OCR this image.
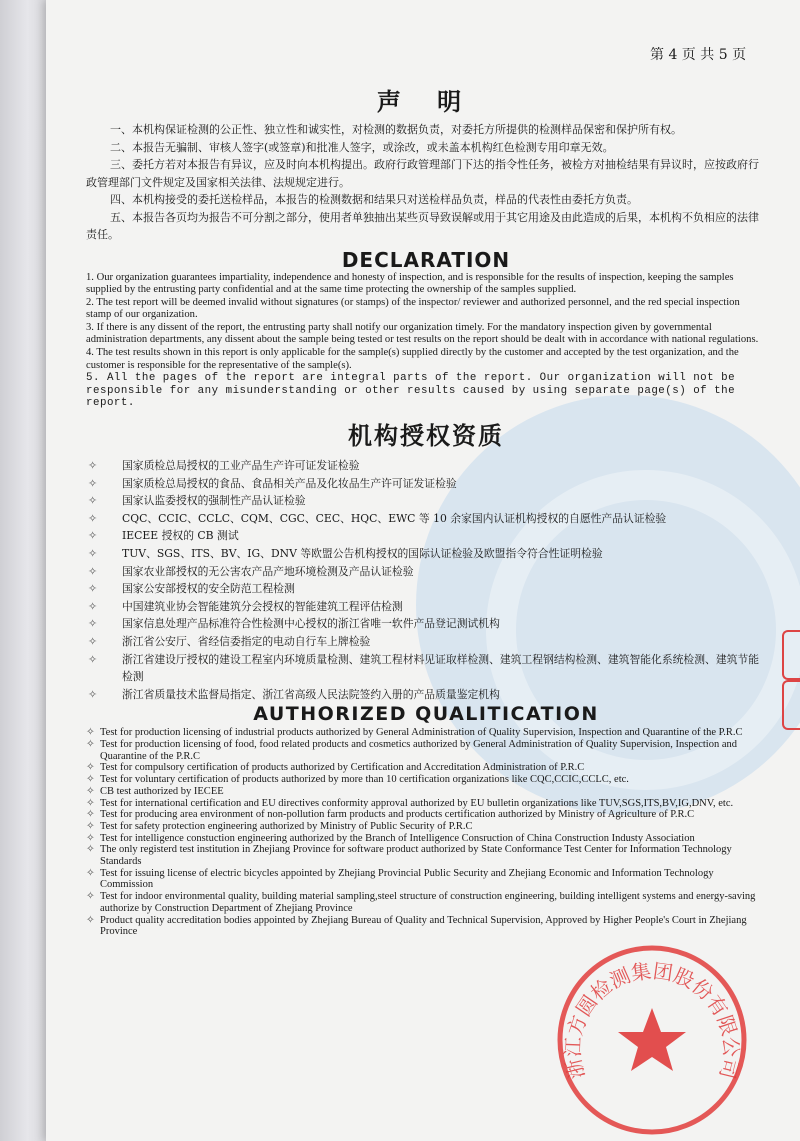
第 4 页 共 5 页
声 明

一、本机构保证检测的公正性、独立性和诚实性，对检测的数据负责，对委托方所提供的检测样品保密和保护所有权。

二、本报告无骗制、审核人签字(或签章)和批准人签字，或涂改，或未盖本机构红色检测专用印章无效。

三、委托方若对本报告有异议，应及时向本机构提出。政府行政管理部门下达的指令性任务，被检方对抽检结果有异议时，应按政府行政管理部门文件规定及国家相关法律、法规规定进行。

四、本机构接受的委托送检样品，本报告的检测数据和结果只对送检样品负责，样品的代表性由委托方负责。

五、本报告各页均为报告不可分割之部分，使用者单独抽出某些页导致误解或用于其它用途及由此造成的后果，本机构不负相应的法律责任。

DECLARATION

1. Our organization guarantees impartiality, independence and honesty of inspection, and is responsible for the results of inspection, keeping the samples supplied by the entrusting party confidential and at the same time protecting the ownership of the samples supplied.

2. The test report will be deemed invalid without signatures (or stamps) of the inspector/ reviewer and authorized personnel, and the red special inspection stamp of our organization.

3. If there is any dissent of the report, the entrusting party shall notify our organization timely. For the mandatory inspection given by governmental administration departments, any dissent about the sample being tested or test results on the report should be dealt with in accordance with national regulations.

4. The test results shown in this report is only applicable for the sample(s) supplied directly by the customer and accepted by the test organization, and the customer is responsible for the representative of the sample(s).

5. All the pages of the report are integral parts of the report. Our organization will not be responsible for any misunderstanding or other results caused by using separate page(s) of the report.

机构授权资质
✧ 国家质检总局授权的工业产品生产许可证发证检验
✧ 国家质检总局授权的食品、食品相关产品及化妆品生产许可证发证检验
✧ 国家认监委授权的强制性产品认证检验
✧ CQC、CCIC、CCLC、CQM、CGC、CEC、HQC、EWC 等 10 余家国内认证机构授权的自愿性产品认证检验
✧ IECEE 授权的 CB 测试
✧ TUV、SGS、ITS、BV、IG、DNV 等欧盟公告机构授权的国际认证检验及欧盟指令符合性证明检验
✧ 国家农业部授权的无公害农产品产地环境检测及产品认证检验
✧ 国家公安部授权的安全防范工程检测
✧ 中国建筑业协会智能建筑分会授权的智能建筑工程评估检测
✧ 国家信息处理产品标准符合性检测中心授权的浙江省唯一软件产品登记测试机构
✧ 浙江省公安厅、省经信委指定的电动自行车上牌检验
✧ 浙江省建设厅授权的建设工程室内环境质量检测、建筑工程材料见证取样检测、建筑工程钢结构检测、建筑智能化系统检测、建筑节能检测
✧ 浙江省质量技术监督局指定、浙江省高级人民法院签约入册的产品质量鉴定机构
AUTHORIZED QUALITICATION
✧ Test for production licensing of industrial products authorized by General Administration of Quality Supervision, Inspection and Quarantine of the P.R.C
✧ Test for production licensing of food, food related products and cosmetics authorized by General Administration of Quality Supervision, Inspection and Quarantine of the P.R.C
✧ Test for compulsory certification of products authorized by Certification and Accreditation Administration of P.R.C
✧ Test for voluntary certification of products authorized by more than 10 certification organizations like CQC,CCIC,CCLC, etc.
✧ CB test authorized by IECEE
✧ Test for international certification and EU directives conformity approval authorized by EU bulletin organizations like TUV,SGS,ITS,BV,IG,DNV, etc.
✧ Test for producing area environment of non-pollution farm products and products certification authorized by Ministry of Agriculture of P.R.C
✧ Test for safety protection engineering authorized by Ministry of Public Security of P.R.C
✧ Test for intelligence constuction engineering authorized by the Branch of Intelligence Consruction of China Construction Industy Association
✧ The only registerd test institution in Zhejiang Province for software product authorized by State Conformance Test Center for Information Technology Standards
✧ Test for issuing license of electric bicycles appointed by Zhejiang Provincial Public Security and Zhejiang Economic and Information Technology Commission
✧ Test for indoor environmental quality, building material sampling,steel structure of construction engineering, building intelligent systems and energy-saving authorize by Construction Department of Zhejiang Province
✧ Product quality accreditation bodies appointed by Zhejiang Bureau of Quality and Technical Supervision, Approved by Higher People's Court in Zhejiang Province
浙江方圆检测集团股份有限公司
